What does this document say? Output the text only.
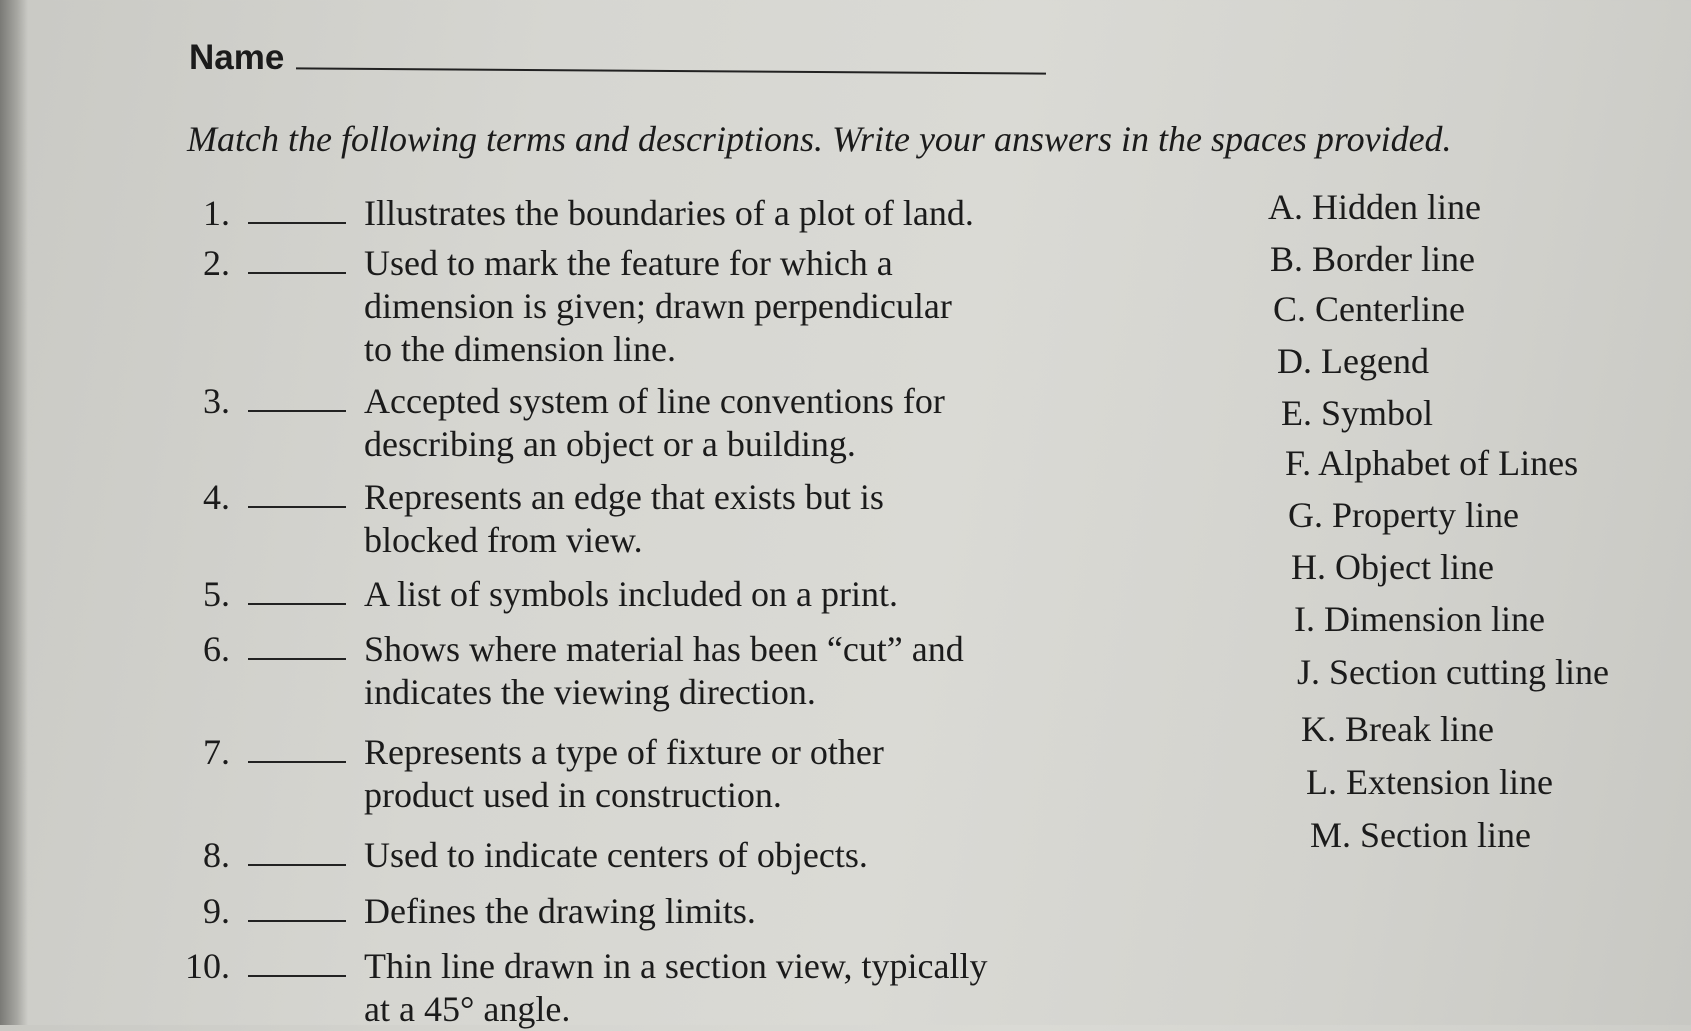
Name
Match the following terms and descriptions. Write your answers in the spaces provided.
1.	Illustrates the boundaries of a plot of land.
2.	Used to mark the feature for which a
dimension is given; drawn perpendicular
to the dimension line.
3.	Accepted system of line conventions for
describing an object or a building.
4.	Represents an edge that exists but is
blocked from view.
5.	A list of symbols included on a print.
6.	Shows where material has been “cut” and
indicates the viewing direction.
7.	Represents a type of fixture or other
product used in construction.
8.	Used to indicate centers of objects.
9.	Defines the drawing limits.
10.	Thin line drawn in a section view, typically
at a 45° angle.
A. Hidden line
B. Border line
C. Centerline
D. Legend
E. Symbol
F. Alphabet of Lines
G. Property line
H. Object line
I. Dimension line
J. Section cutting line
K. Break line
L. Extension line
M. Section line
